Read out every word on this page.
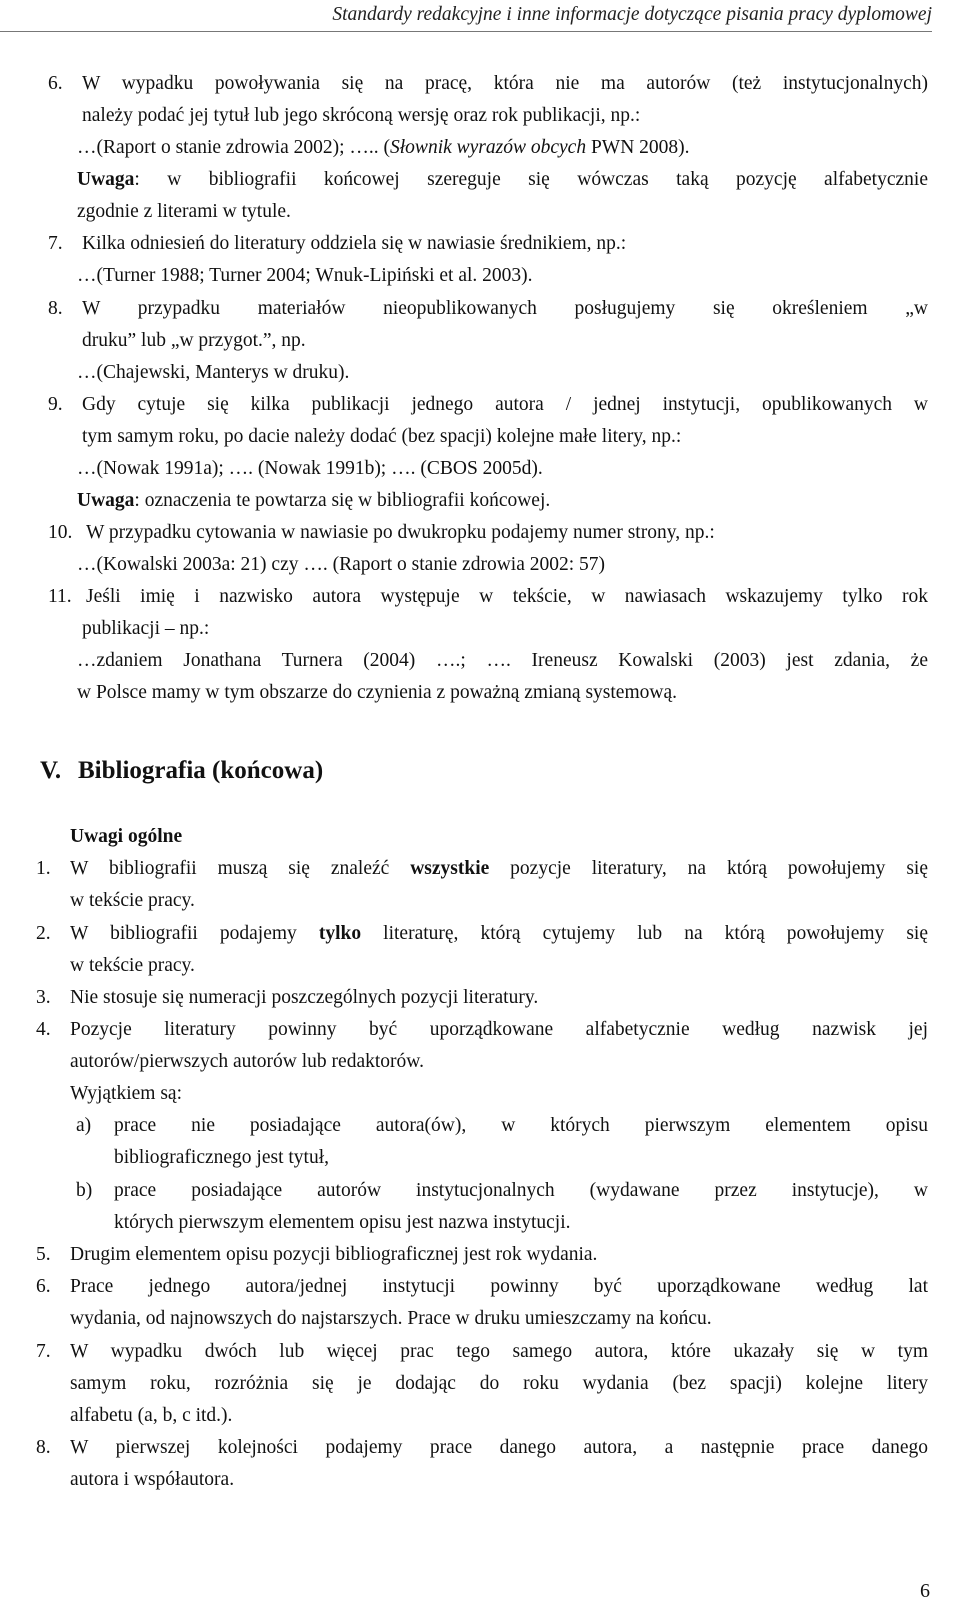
Standardy redakcyjne i inne informacje dotyczące pisania pracy dyplomowej
6. W wypadku powoływania się na pracę, która nie ma autorów (też instytucjonalnych)
należy podać jej tytuł lub jego skróconą wersję oraz rok publikacji, np.:
…(Raport o stanie zdrowia 2002); ….. (Słownik wyrazów obcych PWN 2008).
Uwaga: w bibliografii końcowej szereguje się wówczas taką pozycję alfabetycznie
zgodnie z literami w tytule.
7. Kilka odniesień do literatury oddziela się w nawiasie średnikiem, np.:
…(Turner 1988; Turner 2004; Wnuk-Lipiński et al. 2003).
8. W przypadku materiałów nieopublikowanych posługujemy się określeniem „w
druku” lub „w przygot.”, np.
…(Chajewski, Manterys w druku).
9. Gdy cytuje się kilka publikacji jednego autora / jednej instytucji, opublikowanych w
tym samym roku, po dacie należy dodać (bez spacji) kolejne małe litery, np.:
…(Nowak 1991a); …. (Nowak 1991b); …. (CBOS 2005d).
Uwaga: oznaczenia te powtarza się w bibliografii końcowej.
10. W przypadku cytowania w nawiasie po dwukropku podajemy numer strony, np.:
…(Kowalski 2003a: 21) czy …. (Raport o stanie zdrowia 2002: 57)
11. Jeśli imię i nazwisko autora występuje w tekście, w nawiasach wskazujemy tylko rok
publikacji – np.:
…zdaniem Jonathana Turnera (2004) ….; …. Ireneusz Kowalski (2003) jest zdania, że
w Polsce mamy w tym obszarze do czynienia z poważną zmianą systemową.
V. Bibliografia (końcowa)
Uwagi ogólne
1. W bibliografii muszą się znaleźć wszystkie pozycje literatury, na którą powołujemy się
w tekście pracy.
2. W bibliografii podajemy tylko literaturę, którą cytujemy lub na którą powołujemy się
w tekście pracy.
3. Nie stosuje się numeracji poszczególnych pozycji literatury.
4. Pozycje literatury powinny być uporządkowane alfabetycznie według nazwisk jej
autorów/pierwszych autorów lub redaktorów.
Wyjątkiem są:
a) prace nie posiadające autora(ów), w których pierwszym elementem opisu
bibliograficznego jest tytuł,
b) prace posiadające autorów instytucjonalnych (wydawane przez instytucje), w
których pierwszym elementem opisu jest nazwa instytucji.
5. Drugim elementem opisu pozycji bibliograficznej jest rok wydania.
6. Prace jednego autora/jednej instytucji powinny być uporządkowane według lat
wydania, od najnowszych do najstarszych. Prace w druku umieszczamy na końcu.
7. W wypadku dwóch lub więcej prac tego samego autora, które ukazały się w tym
samym roku, rozróżnia się je dodając do roku wydania (bez spacji) kolejne litery
alfabetu (a, b, c itd.).
8. W pierwszej kolejności podajemy prace danego autora, a następnie prace danego
autora i współautora.
6
